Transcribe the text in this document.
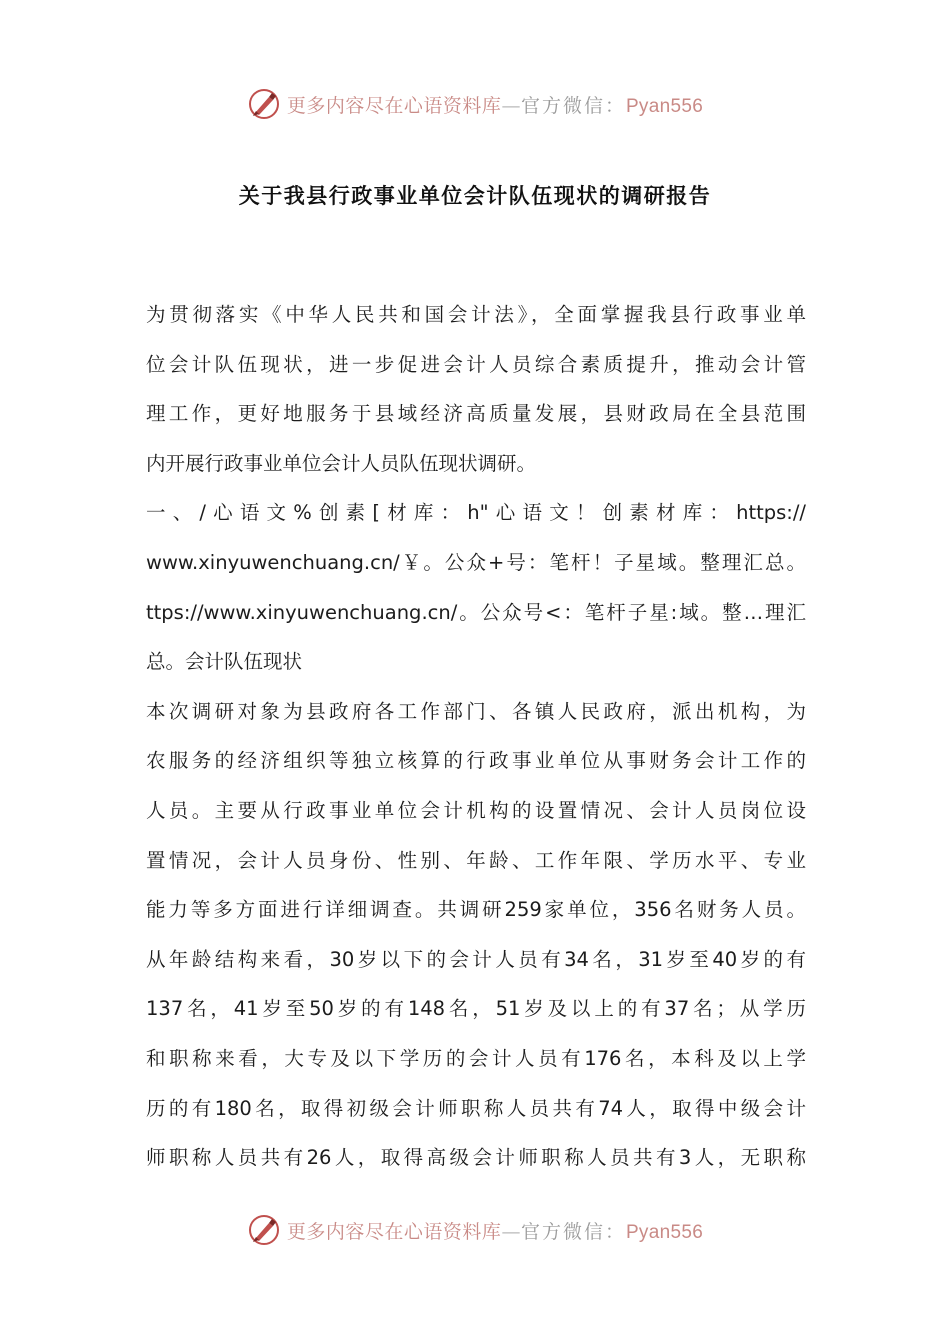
更多内容尽在心语资料库—官方微信：Pyan556
关于我县行政事业单位会计队伍现状的调研报告
为贯彻落实《中华人民共和国会计法》，全面掌握我县行政事业单
位会计队伍现状，进一步促进会计人员综合素质提升，推动会计管
理工作，更好地服务于县域经济高质量发展，县财政局在全县范围
内开展行政事业单位会计人员队伍现状调研。
一、/心语文%创素[材库：h"心语文！创素材库：https://
www.xinyuwenchuang.cn/￥。公众+号：笔杆！子星域。整理汇总。
ttps://www.xinyuwenchuang.cn/。公众号<：笔杆子星:域。整…理汇
总。会计队伍现状
本次调研对象为县政府各工作部门、各镇人民政府，派出机构，为
农服务的经济组织等独立核算的行政事业单位从事财务会计工作的
人员。主要从行政事业单位会计机构的设置情况、会计人员岗位设
置情况，会计人员身份、性别、年龄、工作年限、学历水平、专业
能力等多方面进行详细调查。共调研259家单位，356名财务人员。
从年龄结构来看，30岁以下的会计人员有34名，31岁至40岁的有
137名，41岁至50岁的有148名，51岁及以上的有37名；从学历
和职称来看，大专及以下学历的会计人员有176名，本科及以上学
历的有180名，取得初级会计师职称人员共有74人，取得中级会计
师职称人员共有26人，取得高级会计师职称人员共有3人，无职称
更多内容尽在心语资料库—官方微信：Pyan556
